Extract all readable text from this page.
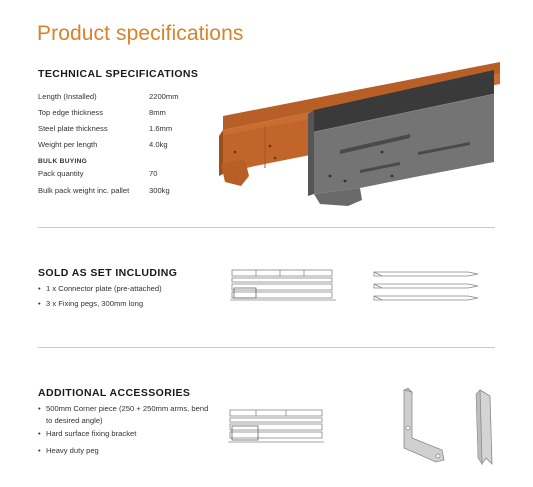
Product specifications
TECHNICAL SPECIFICATIONS
Length (Installed)	2200mm
Top edge thickness	8mm
Steel plate thickness	1.6mm
Weight per length	4.0kg
BULK BUYING
Pack quantity	70
Bulk pack weight inc. pallet	300kg
SOLD AS SET INCLUDING
• 1 x Connector plate (pre-attached)
• 3 x Fixing pegs, 300mm long
ADDITIONAL ACCESSORIES
• 500mm Corner piece (250 + 250mm arms, bend to desired angle)
• Hard surface fixing bracket
• Heavy duty peg
